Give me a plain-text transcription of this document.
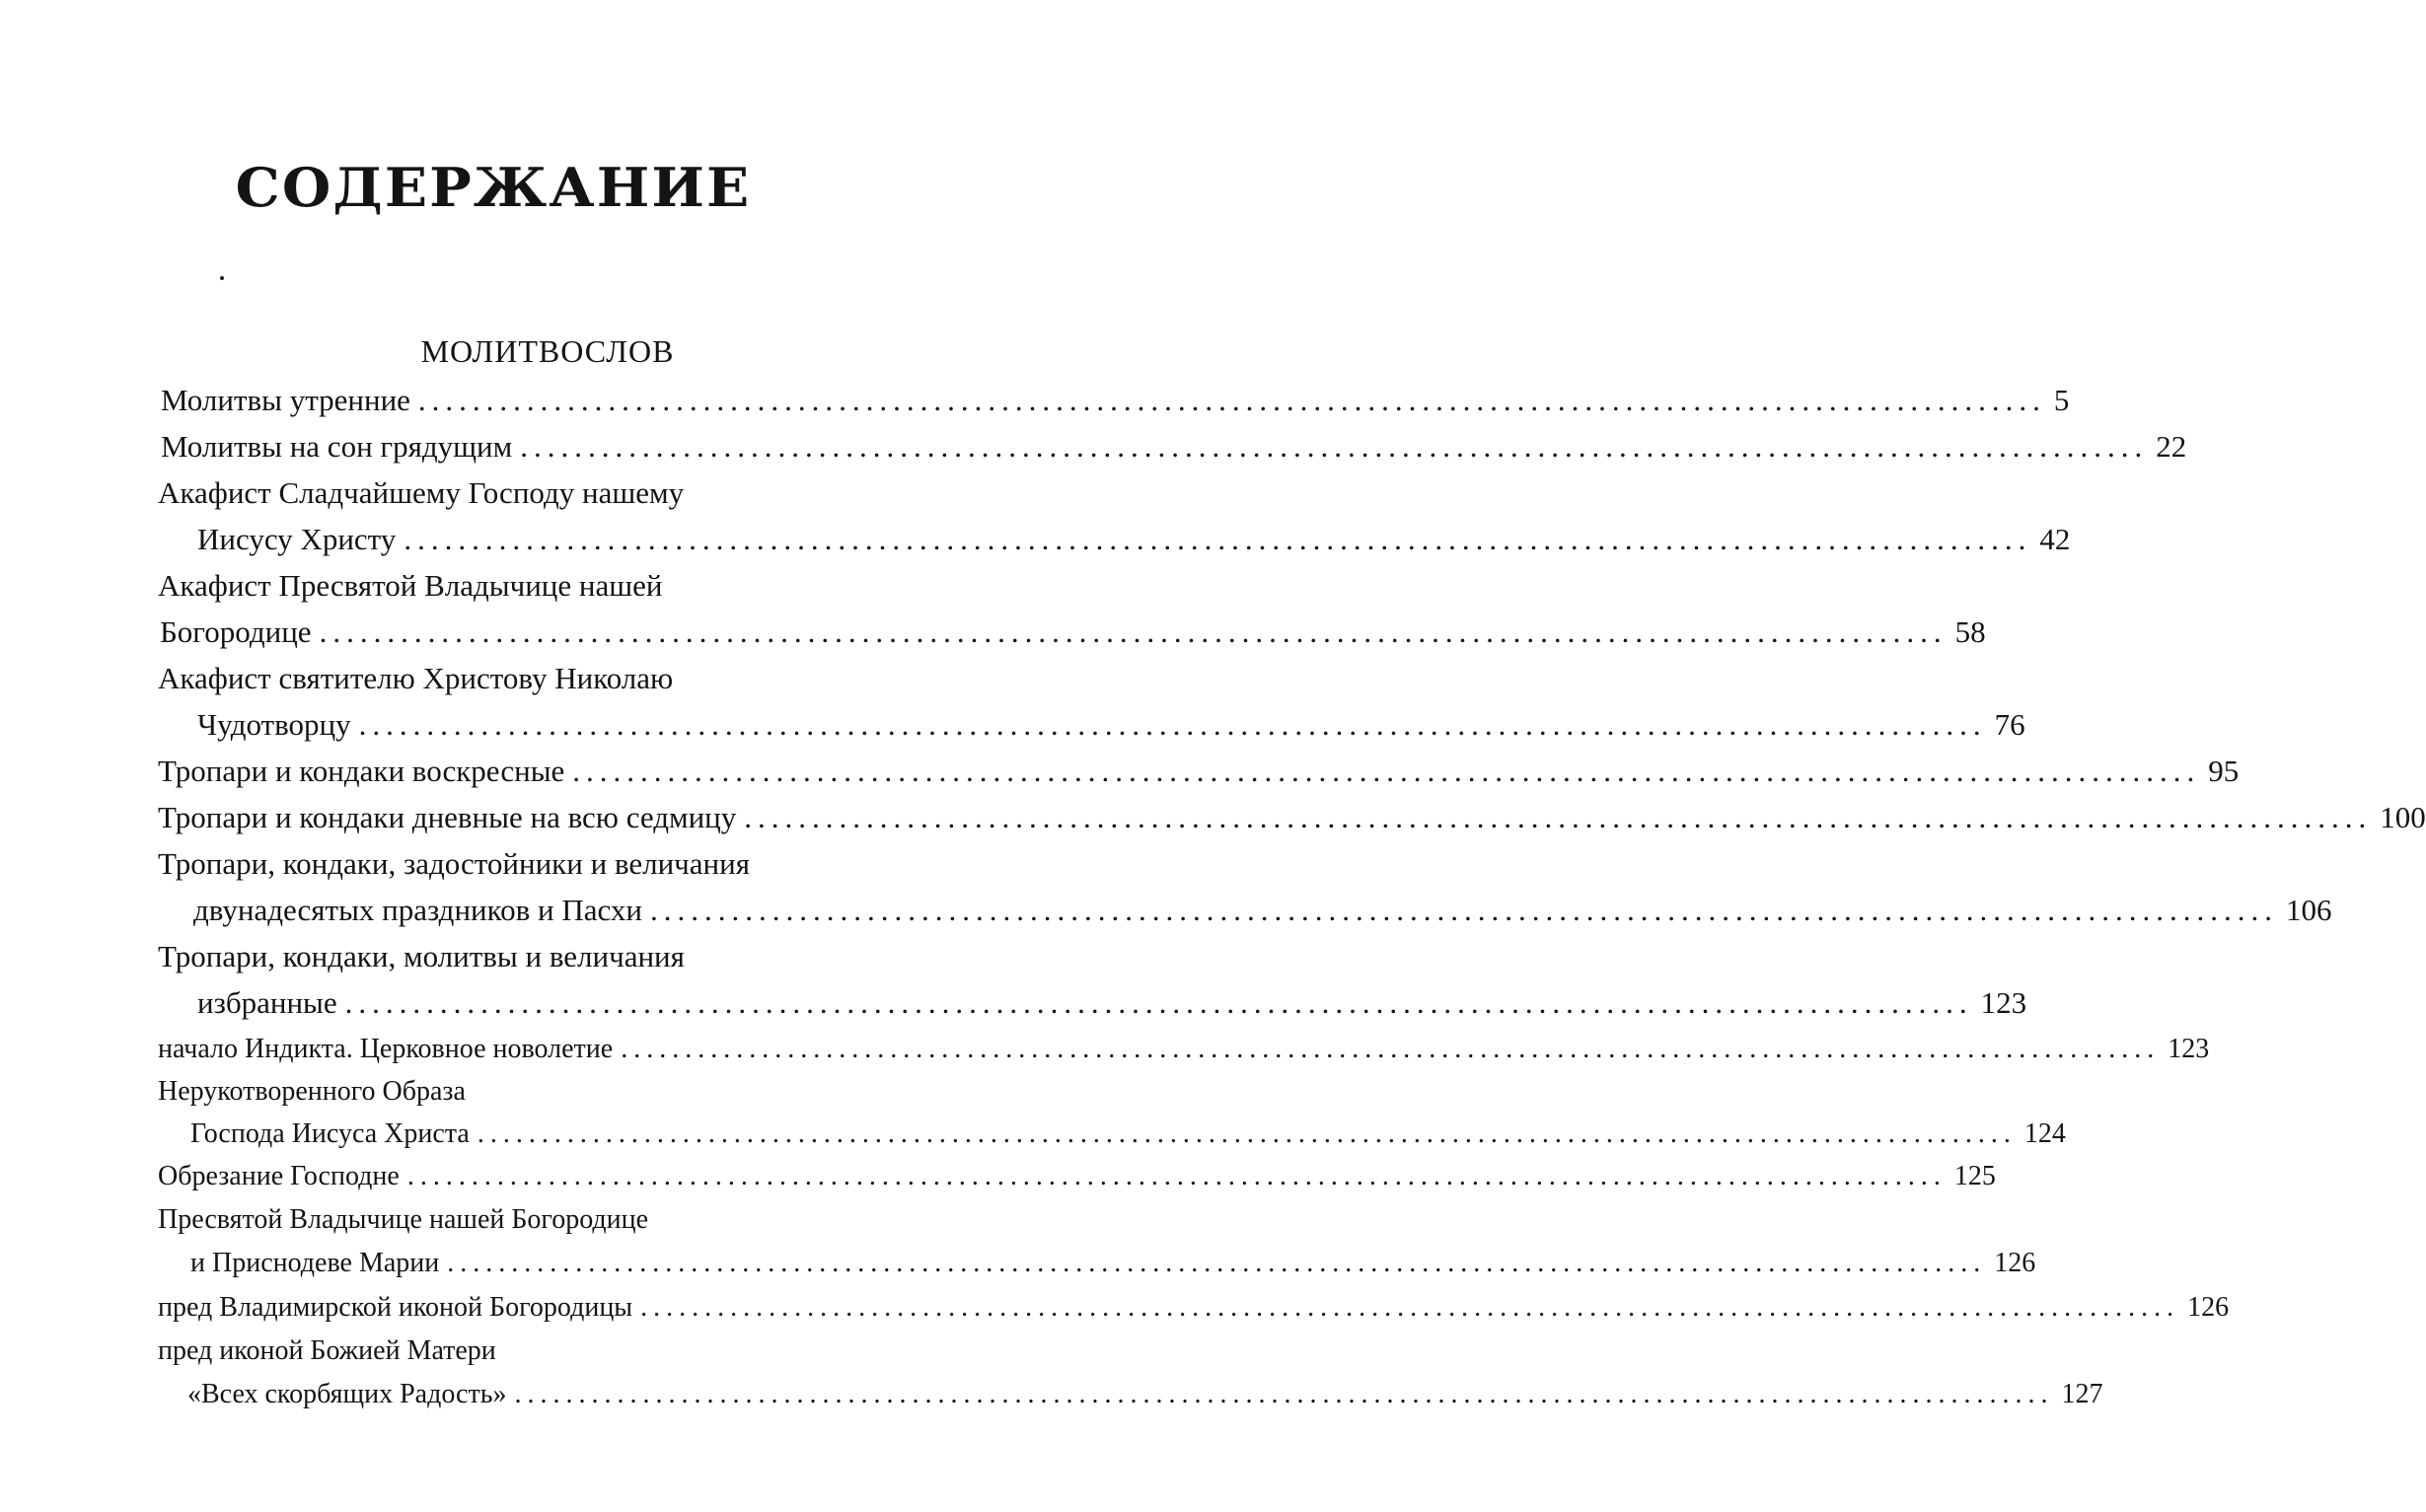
СОДЕРЖАНИЕ
МОЛИТВОСЛОВ
Молитвы утренние ........................................................................................................................ 5
Молитвы на сон грядущим ........................................................................................................................ 22
Акафист Сладчайшему Господу нашему
Иисусу Христу ........................................................................................................................ 42
Акафист Пресвятой Владычице нашей
Богородице ........................................................................................................................ 58
Акафист святителю Христову Николаю
Чудотворцу ........................................................................................................................ 76
Тропари и кондаки воскресные ........................................................................................................................ 95
Тропари и кондаки дневные на всю седмицу ........................................................................................................................ 100
Тропари, кондаки, задостойники и величания
двунадесятых праздников и Пасхи ........................................................................................................................ 106
Тропари, кондаки, молитвы и величания
избранные ........................................................................................................................ 123
начало Индикта. Церковное новолетие ........................................................................................................................ 123
Нерукотворенного Образа
Господа Иисуса Христа ........................................................................................................................ 124
Обрезание Господне ........................................................................................................................ 125
Пресвятой Владычице нашей Богородице
и Приснодеве Марии ........................................................................................................................ 126
пред Владимирской иконой Богородицы ........................................................................................................................ 126
пред иконой Божией Матери
«Всех скорбящих Радость» ........................................................................................................................ 127
